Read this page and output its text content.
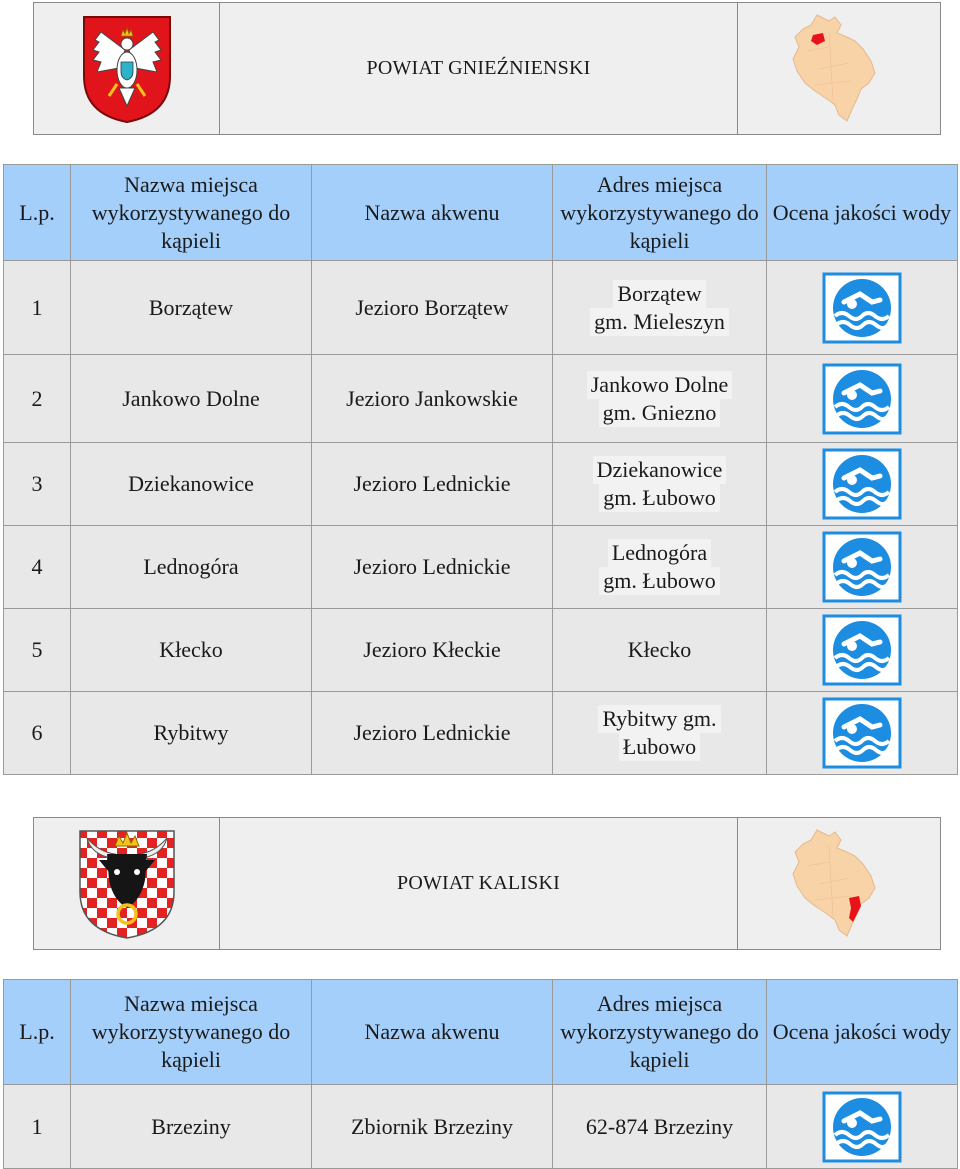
POWIAT GNIEŹNIENSKI
L.p.	Nazwa miejsca wykorzystywanego do kąpieli	Nazwa akwenu	Adres miejsca wykorzystywanego do kąpieli	Ocena jakości wody
1	Borzątew	Jezioro Borzątew	Borzątew
gm. Mieleszyn	

2	Jankowo Dolne	Jezioro Jankowskie	Jankowo Dolne
gm. Gniezno	

3	Dziekanowice	Jezioro Lednickie	Dziekanowice
gm. Łubowo	

4	Lednogóra	Jezioro Lednickie	Lednogóra
gm. Łubowo	

5	Kłecko	Jezioro Kłeckie	Kłecko	

6	Rybitwy	Jezioro Lednickie	Rybitwy gm.
Łubowo	
POWIAT KALISKI
L.p.	Nazwa miejsca wykorzystywanego do kąpieli	Nazwa akwenu	Adres miejsca wykorzystywanego do kąpieli	Ocena jakości wody
1	Brzeziny	Zbiornik Brzeziny	62-874 Brzeziny	
